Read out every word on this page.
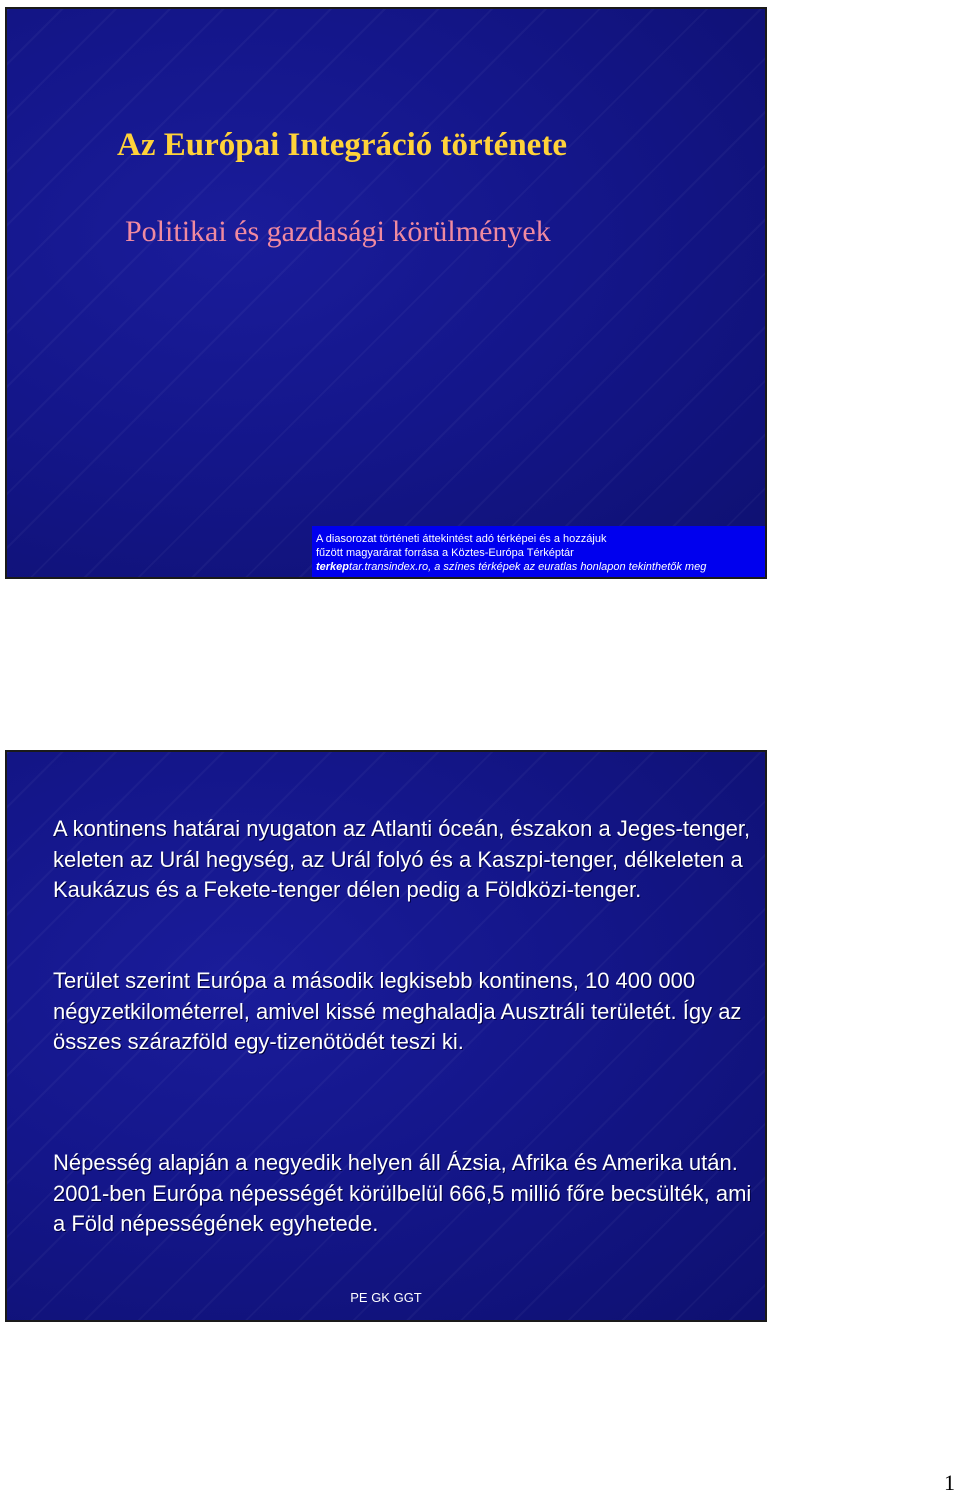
Az Európai Integráció története
Politikai és gazdasági körülmények
A diasorozat történeti áttekintést adó térképei és a hozzájuk
fűzött magyarárat forrása a Köztes-Európa Térképtár
terkeptar.transindex.ro, a színes térképek az euratlas honlapon tekinthetők meg

A kontinens határai nyugaton az Atlanti óceán, északon a Jeges-tenger, keleten az Urál hegység, az Urál folyó és a Kaszpi-tenger, délkeleten a Kaukázus és a Fekete-tenger délen pedig a Földközi-tenger.

Terület szerint Európa a második legkisebb kontinens, 10 400 000 négyzetkilométerrel, amivel kissé meghaladja Ausztráli területét. Így az összes szárazföld egy-tizenötödét teszi ki.

Népesség alapján a negyedik helyen áll Ázsia, Afrika és Amerika után.

2001-ben Európa népességét körülbelül 666,5 millió főre becsülték, ami a Föld népességének egyhetede.

PE GK GGT
1
